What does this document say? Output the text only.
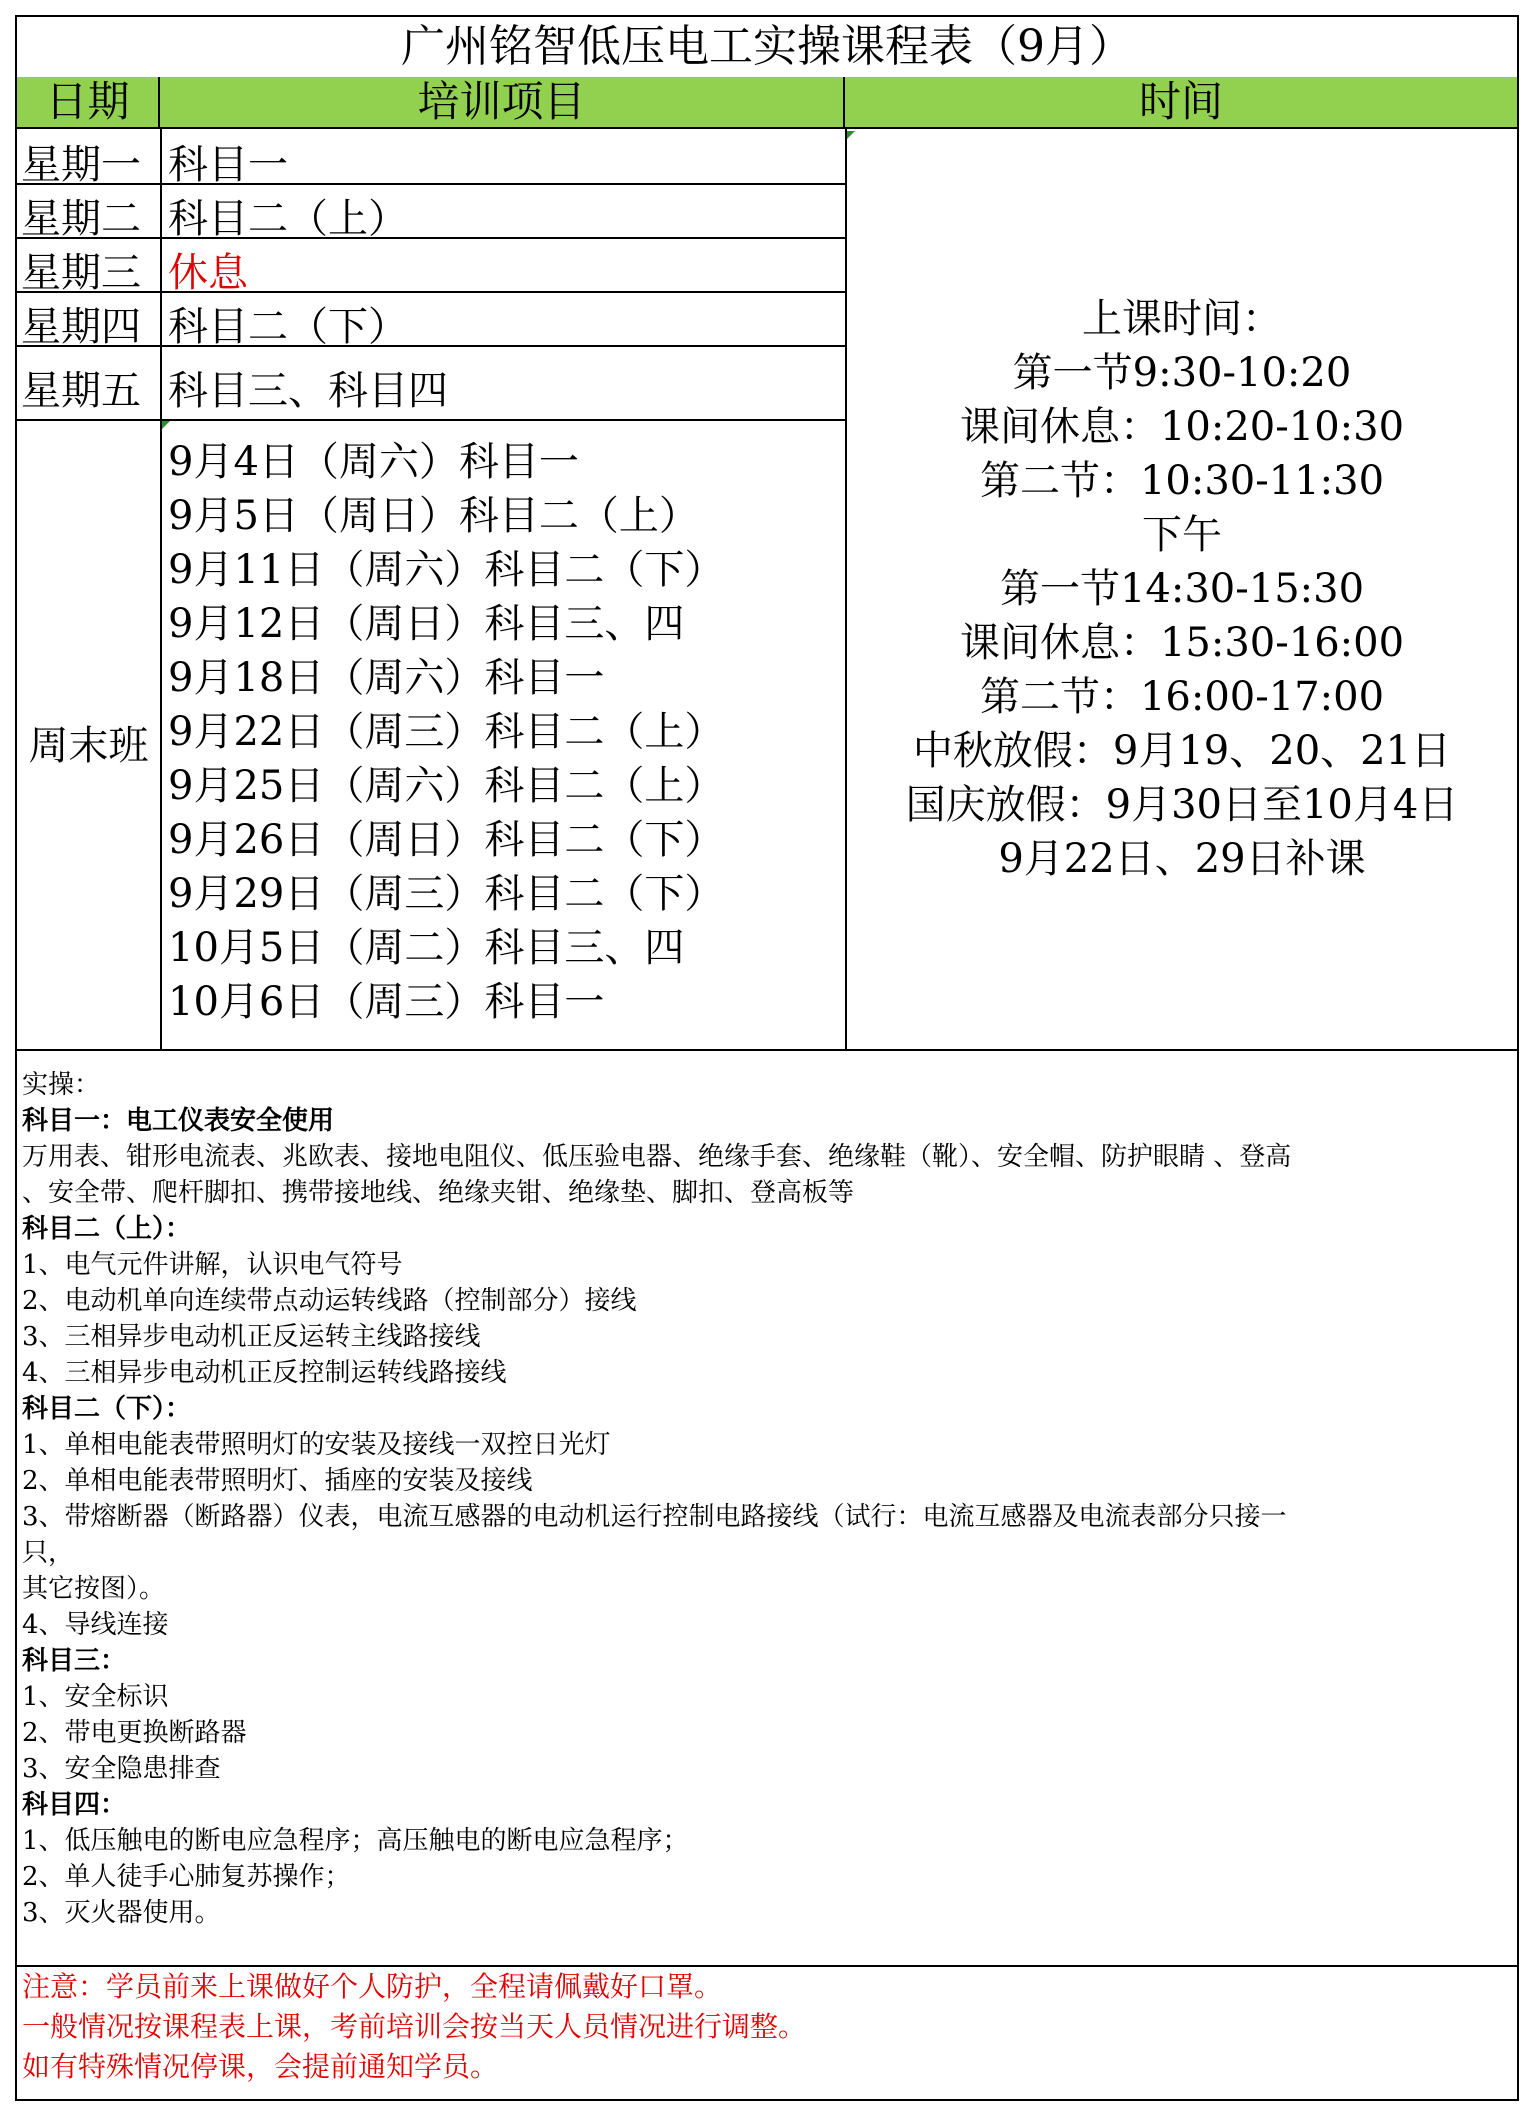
广州铭智低压电工实操课程表（9月）
日期	培训项目	时间
星期一 科目一
星期二 科目二（上）
星期三 休息
星期四 科目二（下）
星期五 科目三、科目四
周末班
9月4日（周六）科目一
9月5日（周日）科目二（上）
9月11日（周六）科目二（下）
9月12日（周日）科目三、四
9月18日（周六）科目一
9月22日（周三）科目二（上）
9月25日（周六）科目二（上）
9月26日（周日）科目二（下）
9月29日（周三）科目二（下）
10月5日（周二）科目三、四
10月6日（周三）科目一
上课时间：
第一节9:30-10:20
课间休息：10:20-10:30
第二节：10:30-11:30
下午
第一节14:30-15:30
课间休息：15:30-16:00
第二节：16:00-17:00
中秋放假：9月19、20、21日
国庆放假：9月30日至10月4日
9月22日、29日补课
实操：
科目一：电工仪表安全使用
万用表、钳形电流表、兆欧表、接地电阻仪、低压验电器、绝缘手套、绝缘鞋（靴）、安全帽、防护眼睛 、登高
、安全带、爬杆脚扣、携带接地线、绝缘夹钳、绝缘垫、脚扣、登高板等
科目二（上）：
1、电气元件讲解，认识电气符号
2、电动机单向连续带点动运转线路（控制部分）接线
3、三相异步电动机正反运转主线路接线
4、三相异步电动机正反控制运转线路接线
科目二（下）：
1、单相电能表带照明灯的安装及接线一双控日光灯
2、单相电能表带照明灯、插座的安装及接线
3、带熔断器（断路器）仪表，电流互感器的电动机运行控制电路接线（试行：电流互感器及电流表部分只接一
只，
其它按图）。
4、导线连接
科目三：
1、安全标识
2、带电更换断路器
3、安全隐患排查
科目四：
1、低压触电的断电应急程序；高压触电的断电应急程序；
2、单人徒手心肺复苏操作；
3、灭火器使用。
注意：学员前来上课做好个人防护，全程请佩戴好口罩。
一般情况按课程表上课，考前培训会按当天人员情况进行调整。
如有特殊情况停课，会提前通知学员。
